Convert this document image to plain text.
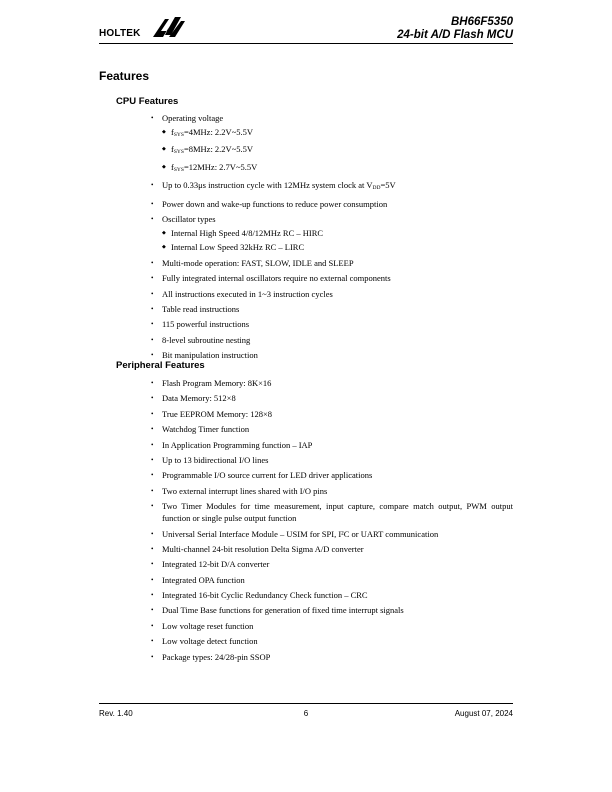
HOLTEK
BH66F5350
24-bit A/D Flash MCU
Features
CPU Features
• Operating voltage
◆ $f_{SYS}=4MHz$: 2.2V~5.5V
◆ $f_{SYS}=8MHz$: 2.2V~5.5V
◆ $f_{SYS}=12MHz$: 2.7V~5.5V
• Up to 0.33μs instruction cycle with 12MHz system clock at $V_{DD}=5V$
• Power down and wake-up functions to reduce power consumption
• Oscillator types
◆ Internal High Speed 4/8/12MHz RC – HIRC
◆ Internal Low Speed 32kHz RC – LIRC
• Multi-mode operation: FAST, SLOW, IDLE and SLEEP
• Fully integrated internal oscillators require no external components
• All instructions executed in 1~3 instruction cycles
• Table read instructions
• 115 powerful instructions
• 8-level subroutine nesting
• Bit manipulation instruction
Peripheral Features
• Flash Program Memory: 8K×16
• Data Memory: 512×8
• True EEPROM Memory: 128×8
• Watchdog Timer function
• In Application Programming function – IAP
• Up to 13 bidirectional I/O lines
• Programmable I/O source current for LED driver applications
• Two external interrupt lines shared with I/O pins
• Two Timer Modules for time measurement, input capture, compare match output, PWM output function or single pulse output function
• Universal Serial Interface Module – USIM for SPI, I²C or UART communication
• Multi-channel 24-bit resolution Delta Sigma A/D converter
• Integrated 12-bit D/A converter
• Integrated OPA function
• Integrated 16-bit Cyclic Redundancy Check function – CRC
• Dual Time Base functions for generation of fixed time interrupt signals
• Low voltage reset function
• Low voltage detect function
• Package types: 24/28-pin SSOP
Rev. 1.40	6	August 07, 2024
